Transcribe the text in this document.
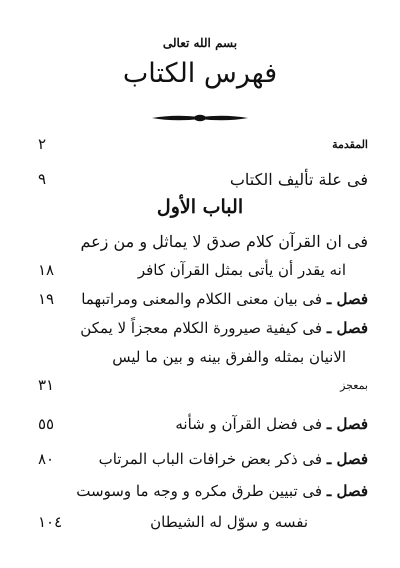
بسم الله تعالى
فهرس الكتاب
المقدمة
٢
فى علة تأليف الكتاب
٩
الباب الأول
فى ان القرآن كلام صدق لا يماثل و من زعم
انه يقدر أن يأتى بمثل القرآن كافر
١٨
فصل ـ فى بيان معنى الكلام والمعنى ومراتبهما
١٩
فصل ـ فى كيفية صيرورة الكلام معجزاً لا يمكن
الانيان بمثله والفرق بينه و بين ما ليس
بمعجز
٣١
فصل ـ فى فضل القرآن و شأنه
٥٥
فصل ـ فى ذكر بعض خرافات الباب المرتاب
٨٠
فصل ـ فى تبيين طرق مكره و وجه ما وسوست
نفسه و سوّل له الشيطان
١٠٤
